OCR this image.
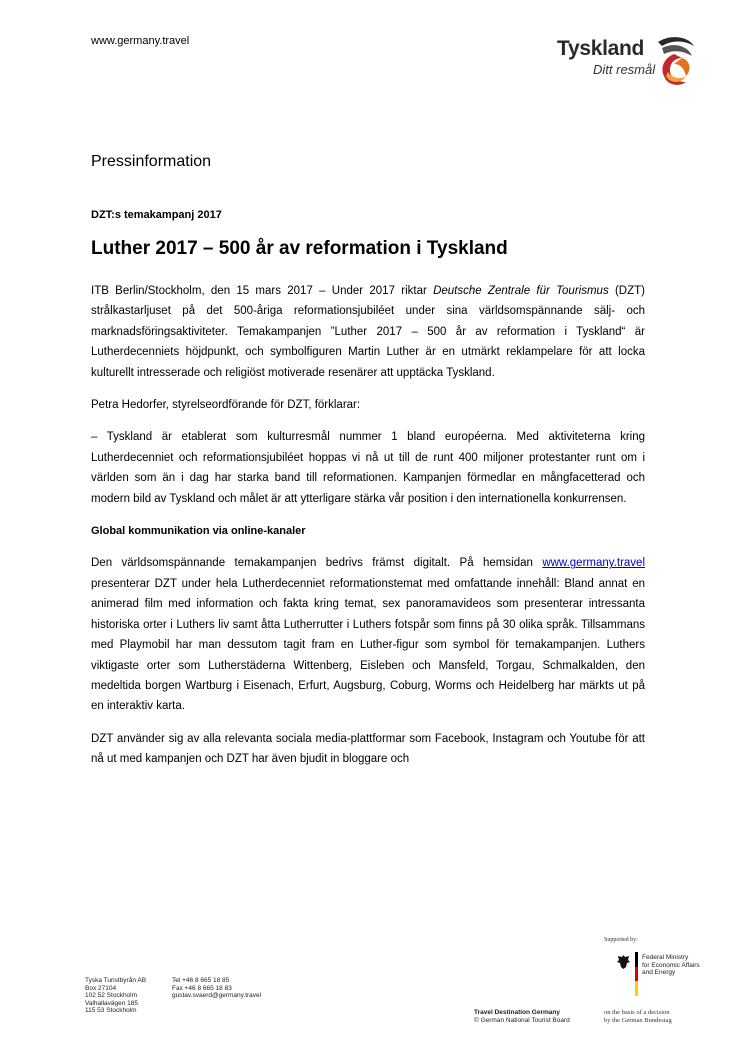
www.germany.travel	Tyskland
Ditt resmål
Pressinformation
DZT:s temakampanj 2017
Luther 2017 – 500 år av reformation i Tyskland

ITB Berlin/Stockholm, den 15 mars 2017 – Under 2017 riktar Deutsche Zentrale für Tourismus (DZT) strålkastarljuset på det 500-åriga reformationsjubiléet under sina världsomspännande sälj- och marknadsföringsaktiviteter. Temakampanjen ”Luther 2017 – 500 år av reformation i Tyskland“ är Lutherdecenniets höjdpunkt, och symbolfiguren Martin Luther är en utmärkt reklampelare för att locka kulturellt intresserade och religiöst motiverade resenärer att upptäcka Tyskland.

Petra Hedorfer, styrelseordförande för DZT, förklarar:

– Tyskland är etablerat som kulturresmål nummer 1 bland européerna. Med aktiviteterna kring Lutherdecenniet och reformationsjubiléet hoppas vi nå ut till de runt 400 miljoner protestanter runt om i världen som än i dag har starka band till reformationen. Kampanjen förmedlar en mångfacetterad och modern bild av Tyskland och målet är att ytterligare stärka vår position i den internationella konkurrensen.

Global kommunikation via online-kanaler

Den världsomspännande temakampanjen bedrivs främst digitalt. På hemsidan www.germany.travel presenterar DZT under hela Lutherdecenniet reformationstemat med omfattande innehåll: Bland annat en animerad film med information och fakta kring temat, sex panoramavideos som presenterar intressanta historiska orter i Luthers liv samt åtta Lutherrutter i Luthers fotspår som finns på 30 olika språk. Tillsammans med Playmobil har man dessutom tagit fram en Luther-figur som symbol för temakampanjen. Luthers viktigaste orter som Lutherstäderna Wittenberg, Eisleben och Mansfeld, Torgau, Schmalkalden, den medeltida borgen Wartburg i Eisenach, Erfurt, Augsburg, Coburg, Worms och Heidelberg har märkts ut på en interaktiv karta.

DZT använder sig av alla relevanta sociala media-plattformar som Facebook, Instagram och Youtube för att nå ut med kampanjen och DZT har även bjudit in bloggare och

Tyska Turistbyrån AB
Box 27104
102 52 Stockholm
Valhallavägen 185
115 53 Stockholm
Tel +46 8 665 18 85
Fax +46 8 665 18 83
gustav.svaerd@germany.travel
Travel Destination Germany
© German National Tourist Board
Supported by:
Federal Ministry
for Economic Affairs
and Energy
on the basis of a decision
by the German Bundestag
